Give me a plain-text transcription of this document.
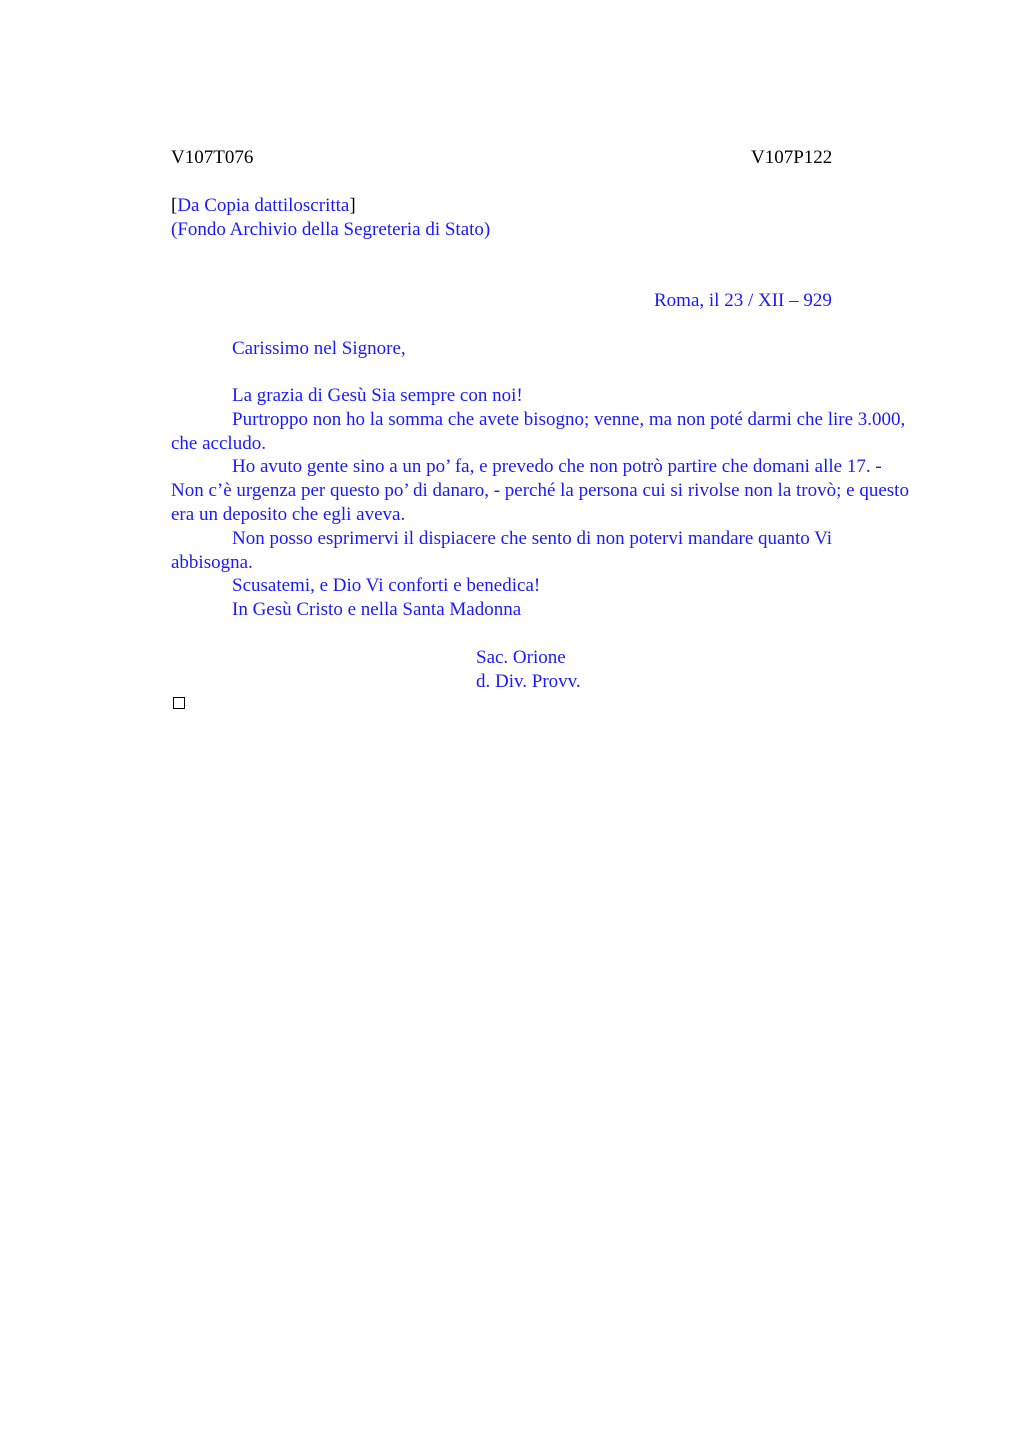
V107T076	V107P122
[Da Copia dattiloscritta]
(Fondo Archivio della Segreteria di Stato)
Roma, il 23 / XII – 929
Carissimo nel Signore,

La grazia di Gesù Sia sempre con noi!

Purtroppo non ho la somma che avete bisogno; venne, ma non poté darmi che lire 3.000, che accludo.

Ho avuto gente sino a un po’ fa, e prevedo che non potrò partire che domani alle 17. - Non c’è urgenza per questo po’ di danaro, - perché la persona cui si rivolse non la trovò; e questo era un deposito che egli aveva.

Non posso esprimervi il dispiacere che sento di non potervi mandare quanto Vi abbisogna.

Scusatemi, e Dio Vi conforti e benedica!

In Gesù Cristo e nella Santa Madonna

Sac. Orione
d. Div. Provv.
